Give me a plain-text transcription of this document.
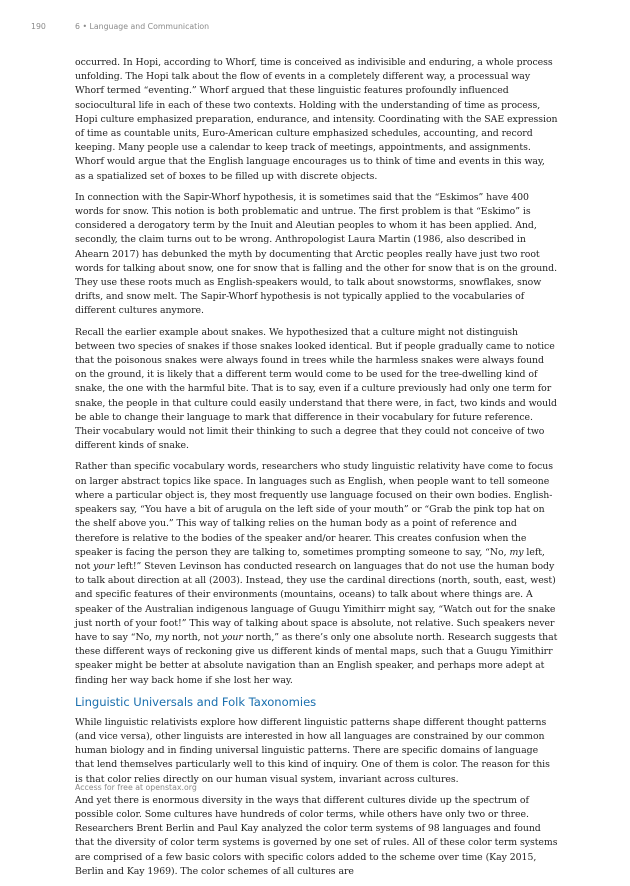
190	6 • Language and Communication

occurred. In Hopi, according to Whorf, time is conceived as indivisible and enduring, a whole process unfolding. The Hopi talk about the flow of events in a completely different way, a processual way Whorf termed “eventing.” Whorf argued that these linguistic features profoundly influenced sociocultural life in each of these two contexts. Holding with the understanding of time as process, Hopi culture emphasized preparation, endurance, and intensity. Coordinating with the SAE expression of time as countable units, Euro-American culture emphasized schedules, accounting, and record keeping. Many people use a calendar to keep track of meetings, appointments, and assignments. Whorf would argue that the English language encourages us to think of time and events in this way, as a spatialized set of boxes to be filled up with discrete objects.

In connection with the Sapir-Whorf hypothesis, it is sometimes said that the “Eskimos” have 400 words for snow. This notion is both problematic and untrue. The first problem is that “Eskimo” is considered a derogatory term by the Inuit and Aleutian peoples to whom it has been applied. And, secondly, the claim turns out to be wrong. Anthropologist Laura Martin (1986, also described in Ahearn 2017) has debunked the myth by documenting that Arctic peoples really have just two root words for talking about snow, one for snow that is falling and the other for snow that is on the ground. They use these roots much as English-speakers would, to talk about snowstorms, snowflakes, snow drifts, and snow melt. The Sapir-Whorf hypothesis is not typically applied to the vocabularies of different cultures anymore.

Recall the earlier example about snakes. We hypothesized that a culture might not distinguish between two species of snakes if those snakes looked identical. But if people gradually came to notice that the poisonous snakes were always found in trees while the harmless snakes were always found on the ground, it is likely that a different term would come to be used for the tree-dwelling kind of snake, the one with the harmful bite. That is to say, even if a culture previously had only one term for snake, the people in that culture could easily understand that there were, in fact, two kinds and would be able to change their language to mark that difference in their vocabulary for future reference. Their vocabulary would not limit their thinking to such a degree that they could not conceive of two different kinds of snake.

Rather than specific vocabulary words, researchers who study linguistic relativity have come to focus on larger abstract topics like space. In languages such as English, when people want to tell someone where a particular object is, they most frequently use language focused on their own bodies. English-speakers say, “You have a bit of arugula on the left side of your mouth” or “Grab the pink top hat on the shelf above you.” This way of talking relies on the human body as a point of reference and therefore is relative to the bodies of the speaker and/or hearer. This creates confusion when the speaker is facing the person they are talking to, sometimes prompting someone to say, “No, my left, not your left!” Steven Levinson has conducted research on languages that do not use the human body to talk about direction at all (2003). Instead, they use the cardinal directions (north, south, east, west) and specific features of their environments (mountains, oceans) to talk about where things are. A speaker of the Australian indigenous language of Guugu Yimithirr might say, “Watch out for the snake just north of your foot!” This way of talking about space is absolute, not relative. Such speakers never have to say “No, my north, not your north,” as there’s only one absolute north. Research suggests that these different ways of reckoning give us different kinds of mental maps, such that a Guugu Yimithirr speaker might be better at absolute navigation than an English speaker, and perhaps more adept at finding her way back home if she lost her way.

Linguistic Universals and Folk Taxonomies

While linguistic relativists explore how different linguistic patterns shape different thought patterns (and vice versa), other linguists are interested in how all languages are constrained by our common human biology and in finding universal linguistic patterns. There are specific domains of language that lend themselves particularly well to this kind of inquiry. One of them is color. The reason for this is that color relies directly on our human visual system, invariant across cultures.

And yet there is enormous diversity in the ways that different cultures divide up the spectrum of possible color. Some cultures have hundreds of color terms, while others have only two or three. Researchers Brent Berlin and Paul Kay analyzed the color term systems of 98 languages and found that the diversity of color term systems is governed by one set of rules. All of these color term systems are comprised of a few basic colors with specific colors added to the scheme over time (Kay 2015, Berlin and Kay 1969). The color schemes of all cultures are

Access for free at openstax.org
